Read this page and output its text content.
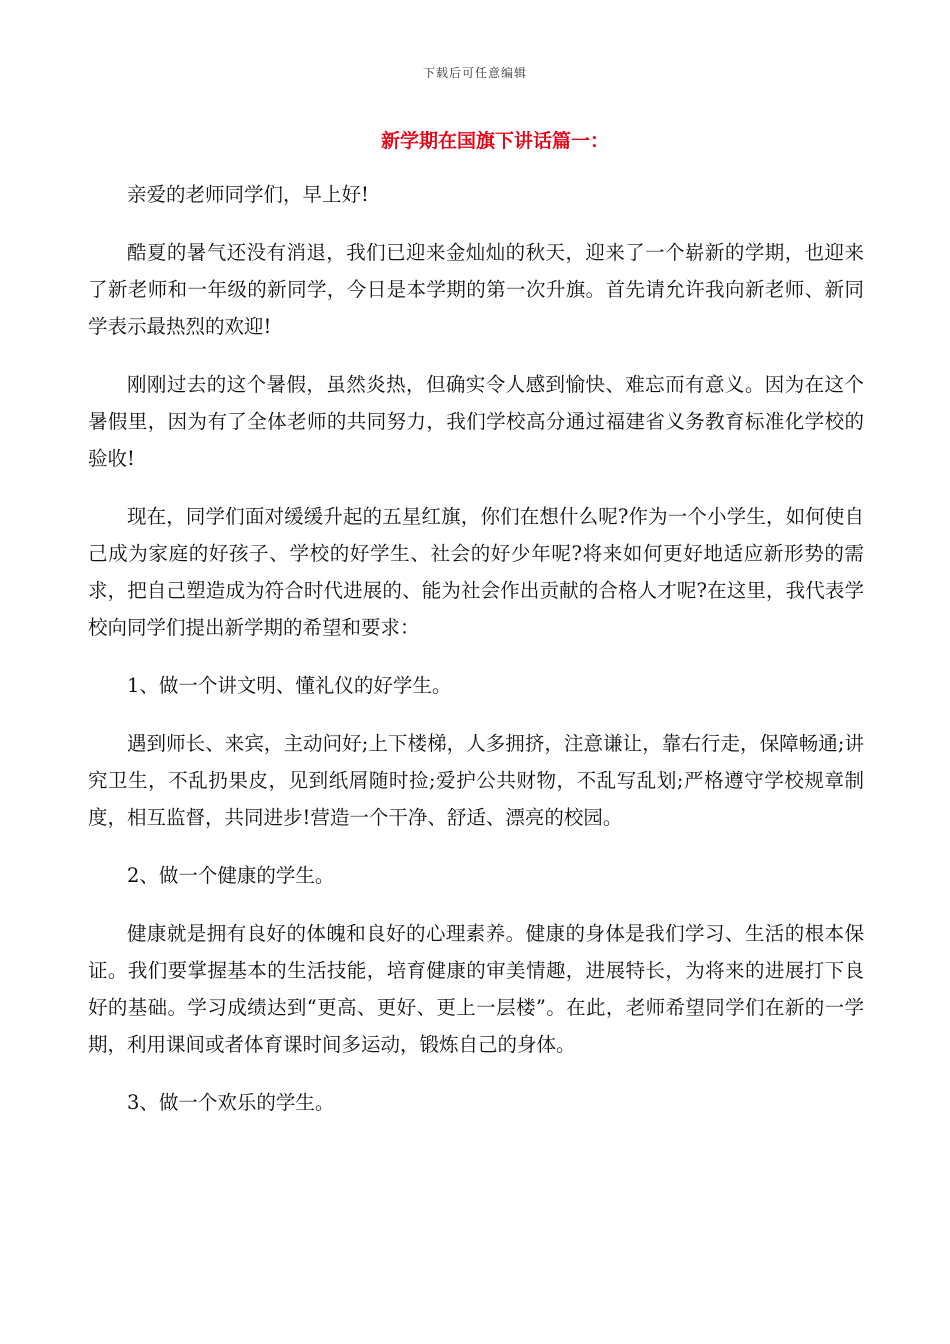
下载后可任意编辑
新学期在国旗下讲话篇一：

亲爱的老师同学们，早上好!

酷夏的暑气还没有消退，我们已迎来金灿灿的秋天，迎来了一个崭新的学期，也迎来了新老师和一年级的新同学，今日是本学期的第一次升旗。首先请允许我向新老师、新同学表示最热烈的欢迎!

刚刚过去的这个暑假，虽然炎热，但确实令人感到愉快、难忘而有意义。因为在这个暑假里，因为有了全体老师的共同努力，我们学校高分通过福建省义务教育标准化学校的验收!

现在，同学们面对缓缓升起的五星红旗，你们在想什么呢?作为一个小学生，如何使自己成为家庭的好孩子、学校的好学生、社会的好少年呢?将来如何更好地适应新形势的需求，把自己塑造成为符合时代进展的、能为社会作出贡献的合格人才呢?在这里，我代表学校向同学们提出新学期的希望和要求：

1、做一个讲文明、懂礼仪的好学生。

遇到师长、来宾，主动问好;上下楼梯，人多拥挤，注意谦让，靠右行走，保障畅通;讲究卫生，不乱扔果皮，见到纸屑随时捡;爱护公共财物，不乱写乱划;严格遵守学校规章制度，相互监督，共同进步!营造一个干净、舒适、漂亮的校园。

2、做一个健康的学生。

健康就是拥有良好的体魄和良好的心理素养。健康的身体是我们学习、生活的根本保证。我们要掌握基本的生活技能，培育健康的审美情趣，进展特长，为将来的进展打下良好的基础。学习成绩达到“更高、更好、更上一层楼”。在此，老师希望同学们在新的一学期，利用课间或者体育课时间多运动，锻炼自己的身体。

3、做一个欢乐的学生。
